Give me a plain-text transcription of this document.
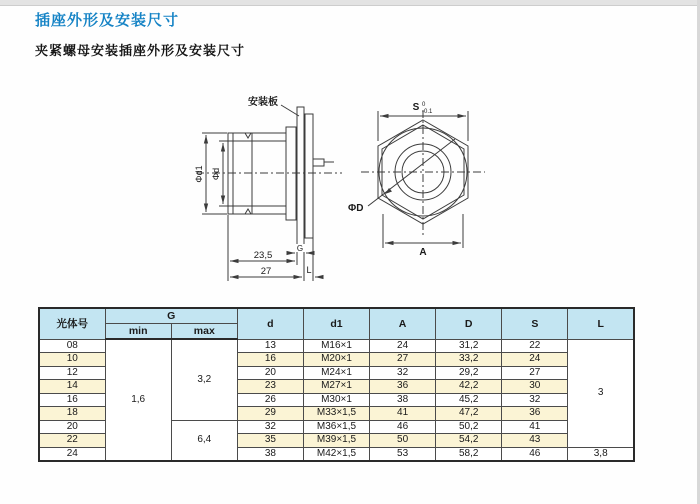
插座外形及安装尺寸
夹紧螺母安装插座外形及安装尺寸
安装板
Φd1 Φd
G
23,5
27	L
S 0
-0.1
ΦD
A
光体号	G		d	d1	A	D	S	L
	min	max						
08	1,6	3,2	13	M16×1	24	31,2	22	3
10			16	M20×1	27	33,2	24	
12			20	M24×1	32	29,2	27	
14			23	M27×1	36	42,2	30	
16			26	M30×1	38	45,2	32	
18			29	M33×1,5	41	47,2	36	
20		6,4	32	M36×1,5	46	50,2	41	
22			35	M39×1,5	50	54,2	43	
24			38	M42×1,5	53	58,2	46	3,8
